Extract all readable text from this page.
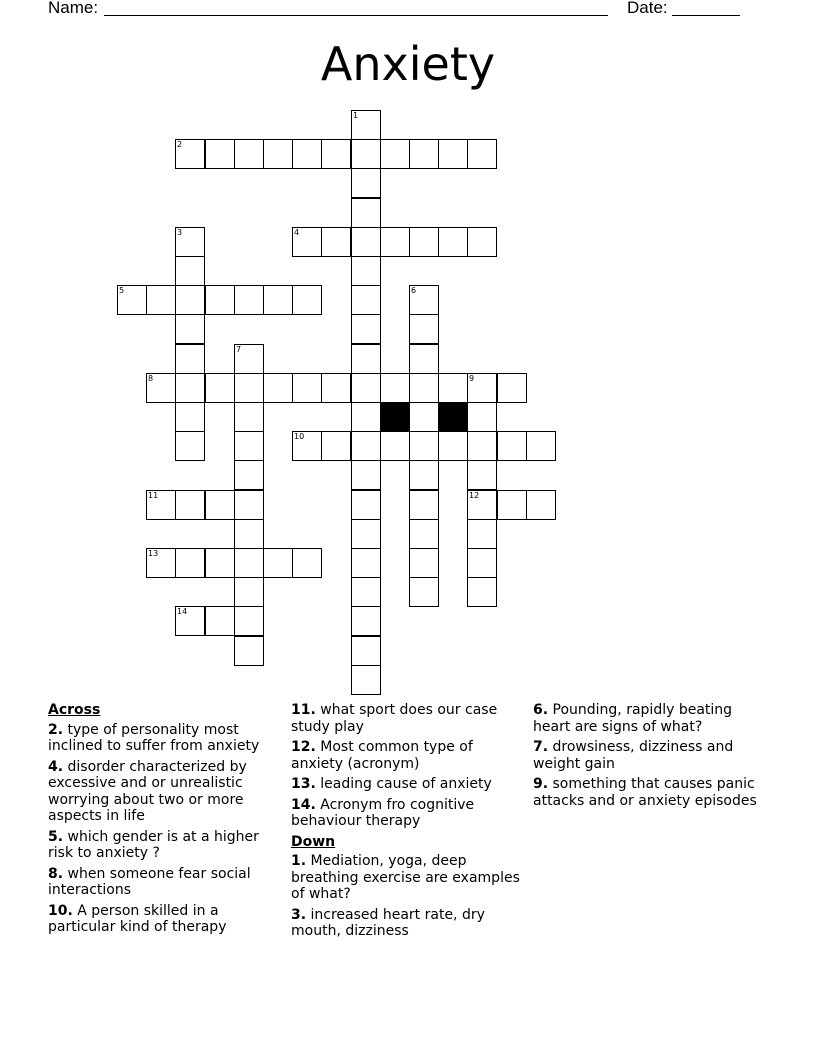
Name:	Date:
Anxiety
2
4
5
8	9
10
11	12
13
14
1
3
6
7
Across
2. type of personality most inclined to suffer from anxiety
4. disorder characterized by excessive and or unrealistic worrying about two or more aspects in life
5. which gender is at a higher risk to anxiety ?
8. when someone fear social interactions
10. A person skilled in a particular kind of therapy
11. what sport does our case study play
12. Most common type of anxiety (acronym)
13. leading cause of anxiety
14. Acronym fro cognitive behaviour therapy
Down
1. Mediation, yoga, deep breathing exercise are examples of what?
3. increased heart rate, dry mouth, dizziness
6. Pounding, rapidly beating heart are signs of what?
7. drowsiness, dizziness and weight gain
9. something that causes panic attacks and or anxiety episodes
